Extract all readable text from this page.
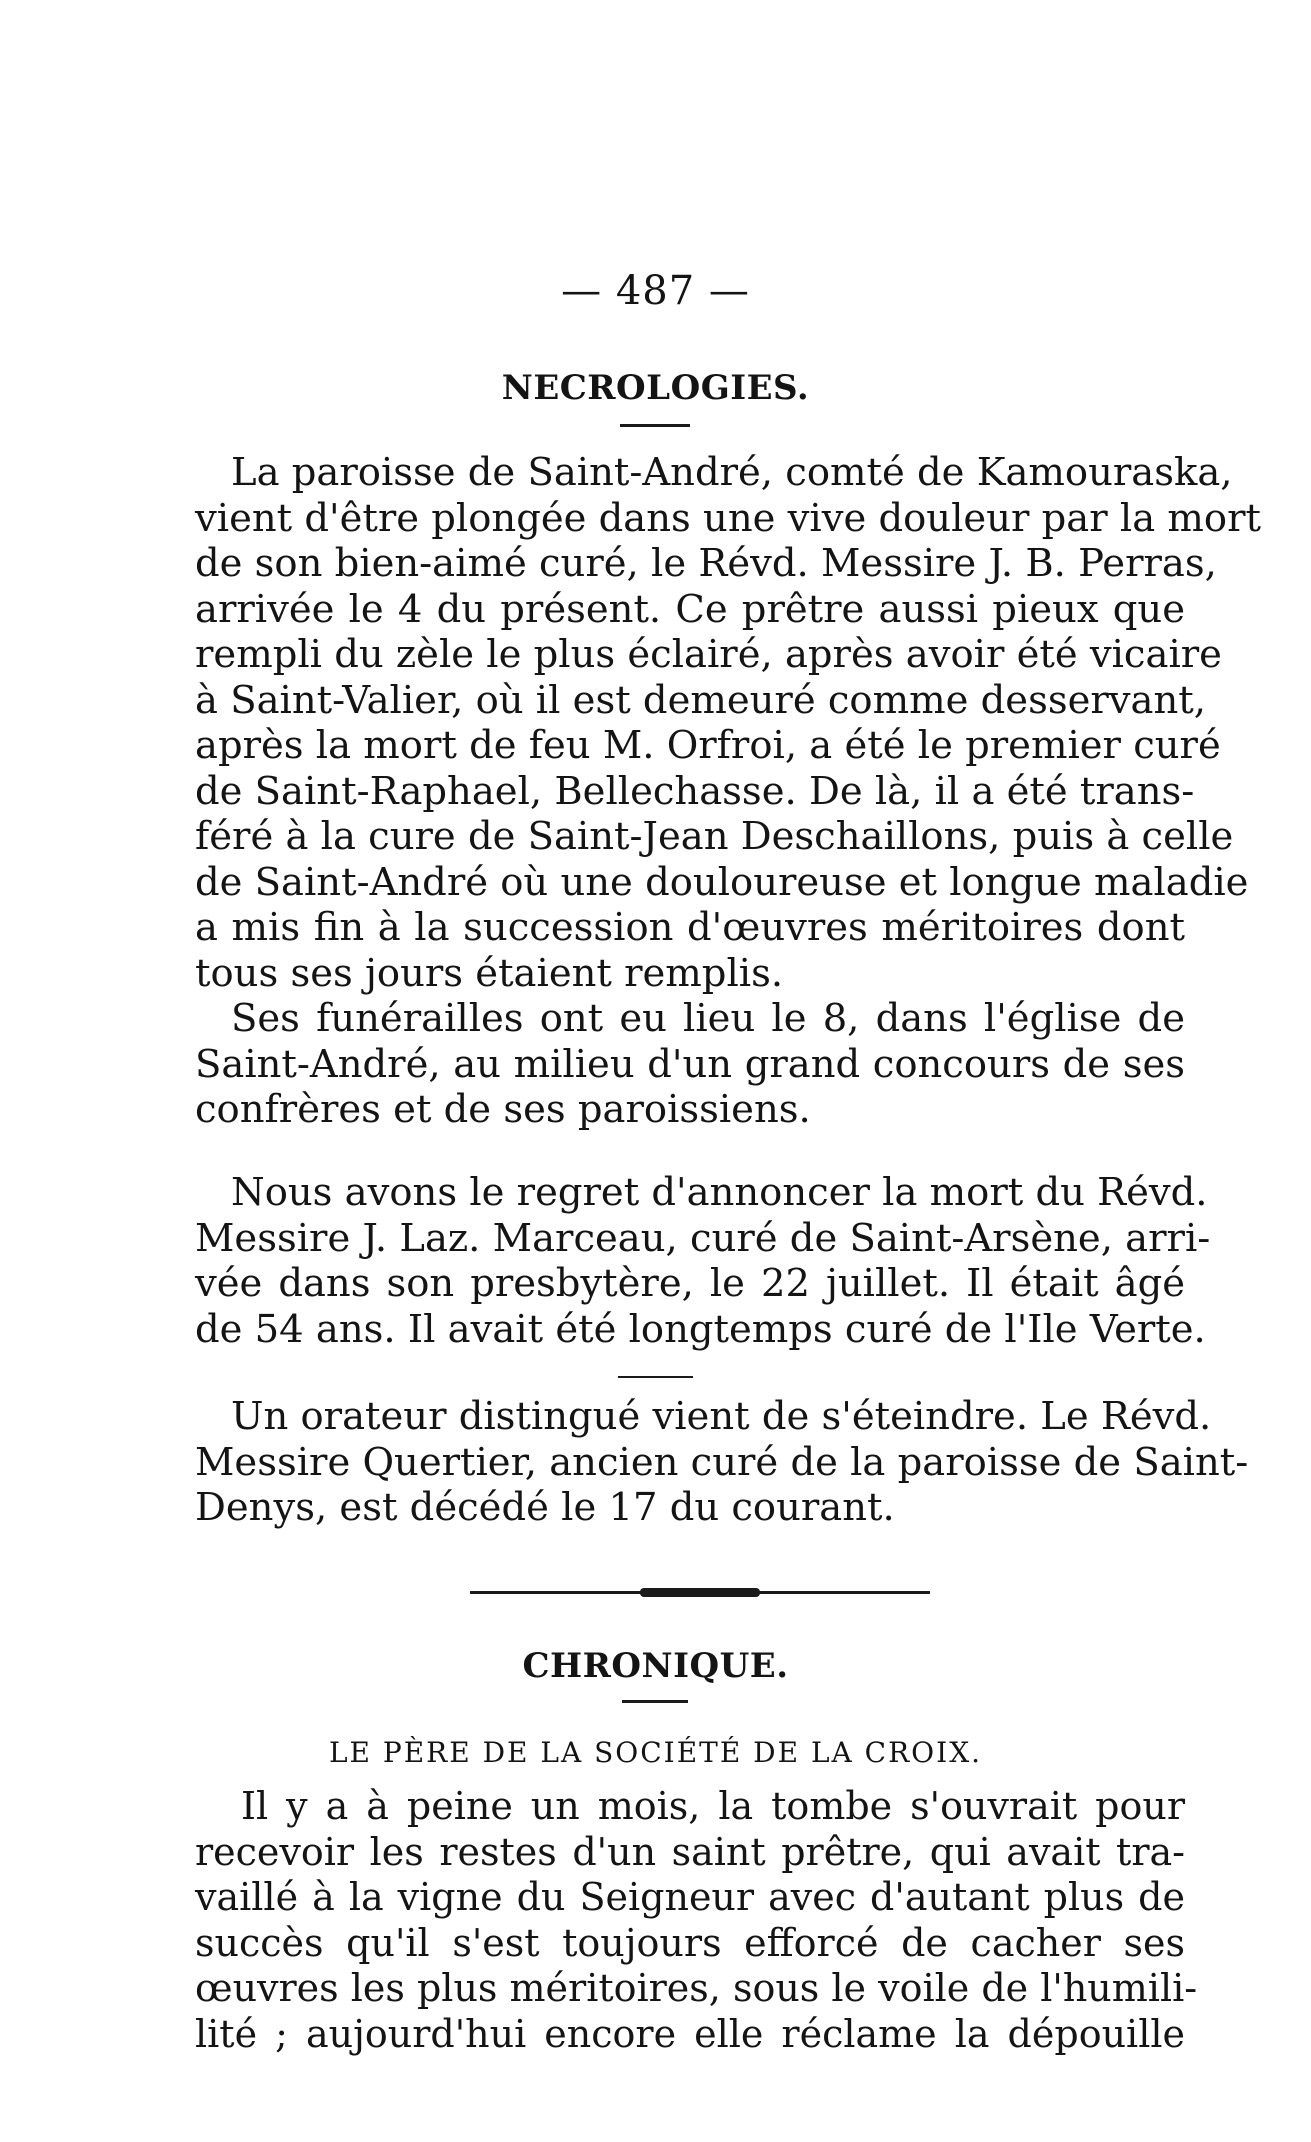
— 487 —
NECROLOGIES.
La paroisse de Saint-André, comté de Kamouraska,
vient d'être plongée dans une vive douleur par la mort
de son bien-aimé curé, le Révd. Messire J. B. Perras,
arrivée le 4 du présent. Ce prêtre aussi pieux que
rempli du zèle le plus éclairé, après avoir été vicaire
à Saint-Valier, où il est demeuré comme desservant,
après la mort de feu M. Orfroi, a été le premier curé
de Saint-Raphael, Bellechasse. De là, il a été trans-
féré à la cure de Saint-Jean Deschaillons, puis à celle
de Saint-André où une douloureuse et longue maladie
a mis fin à la succession d'œuvres méritoires dont
tous ses jours étaient remplis.
Ses funérailles ont eu lieu le 8, dans l'église de
Saint-André, au milieu d'un grand concours de ses
confrères et de ses paroissiens.
Nous avons le regret d'annoncer la mort du Révd.
Messire J. Laz. Marceau, curé de Saint-Arsène, arri-
vée dans son presbytère, le 22 juillet. Il était âgé
de 54 ans. Il avait été longtemps curé de l'Ile Verte.
Un orateur distingué vient de s'éteindre. Le Révd.
Messire Quertier, ancien curé de la paroisse de Saint-
Denys, est décédé le 17 du courant.
CHRONIQUE.
LE PÈRE DE LA SOCIÉTÉ DE LA CROIX.
Il y a à peine un mois, la tombe s'ouvrait pour
recevoir les restes d'un saint prêtre, qui avait tra-
vaillé à la vigne du Seigneur avec d'autant plus de
succès qu'il s'est toujours efforcé de cacher ses
œuvres les plus méritoires, sous le voile de l'humili-
lité ; aujourd'hui encore elle réclame la dépouille
